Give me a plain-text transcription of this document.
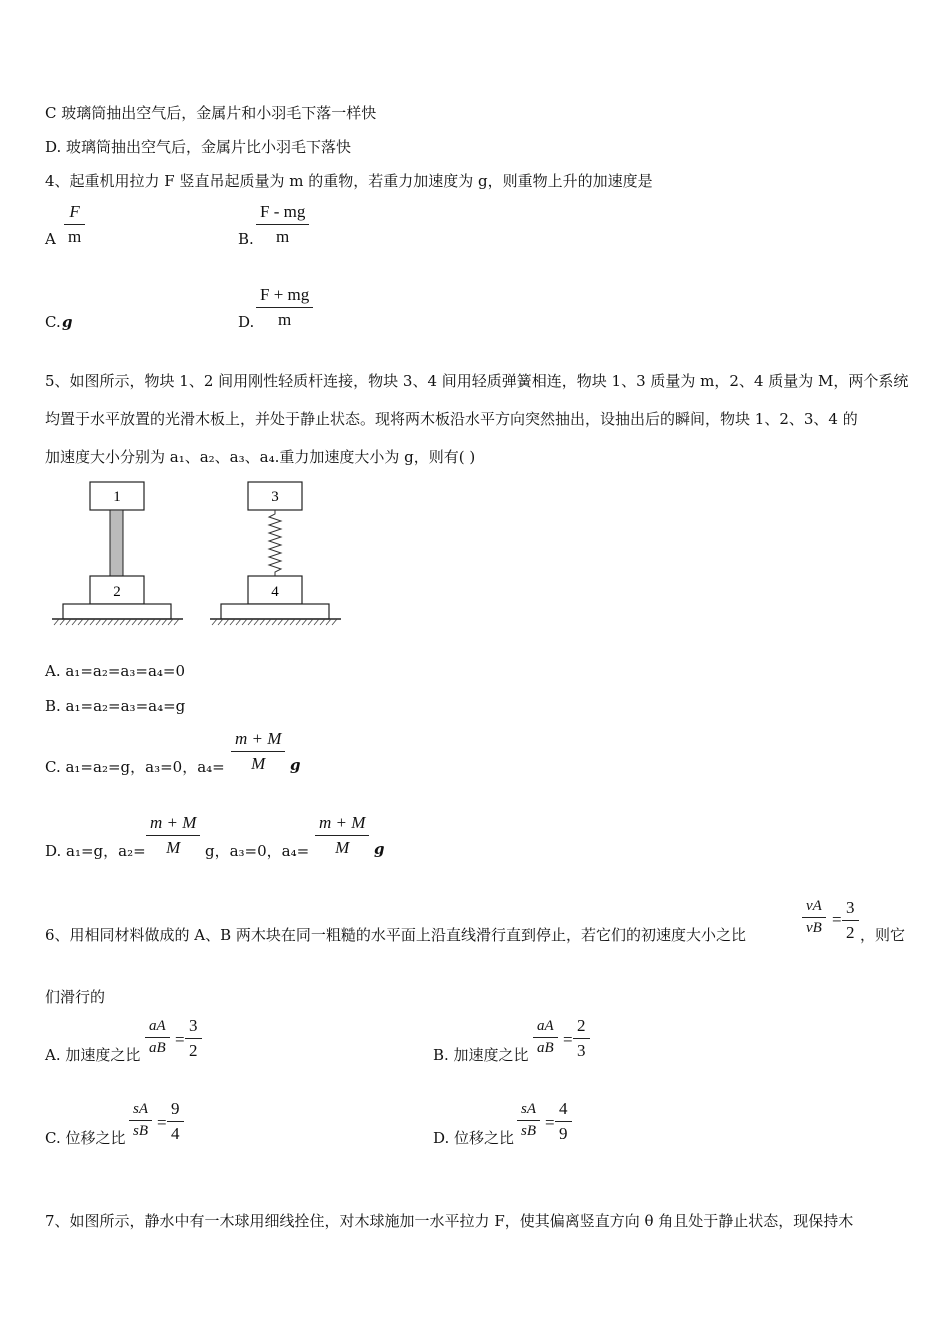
C 玻璃筒抽出空气后，金属片和小羽毛下落一样快
D. 玻璃筒抽出空气后，金属片比小羽毛下落快
4、起重机用拉力 F 竖直吊起质量为 m 的重物，若重力加速度为 g，则重物上升的加速度是
A $\frac{F}{m}$	B. $\frac{F - mg}{m}$
C. g	D. $\frac{F + mg}{m}$
5、如图所示，物块 1、2 间用刚性轻质杆连接，物块 3、4 间用轻质弹簧相连，物块 1、3 质量为 m，2、4 质量为 M，两个系统
均置于水平放置的光滑木板上，并处于静止状态。现将两木板沿水平方向突然抽出，设抽出后的瞬间，物块 1、2、3、4 的
加速度大小分别为 a₁、a₂、a₃、a₄.重力加速度大小为 g，则有( )
1
2
3
4
A. a₁=a₂=a₃=a₄=0
B. a₁=a₂=a₃=a₄=g
C. a₁=a₂=g，a₃=0，$a_4= \frac{m + M}{M}$ g
D. a₁=g，$a_2= \frac{m + M}{M}$ g，a₃=0，$a_4= \frac{m + M}{M}$ g
6、用相同材料做成的 A、B 两木块在同一粗糙的水平面上沿直线滑行直到停止，若它们的初速度大小之比	$\frac{vA}{vB} = \frac{3}{2}$ ，则它
们滑行的
A. 加速度之比 $\frac{aA}{aB} = \frac{3}{2}$	B. 加速度之比 $\frac{aA}{aB} = \frac{2}{3}$
C. 位移之比 $\frac{sA}{sB} = \frac{9}{4}$	D. 位移之比 $\frac{sA}{sB} = \frac{4}{9}$
7、如图所示，静水中有一木球用细线拴住，对木球施加一水平拉力 F，使其偏离竖直方向 θ 角且处于静止状态，现保持木
